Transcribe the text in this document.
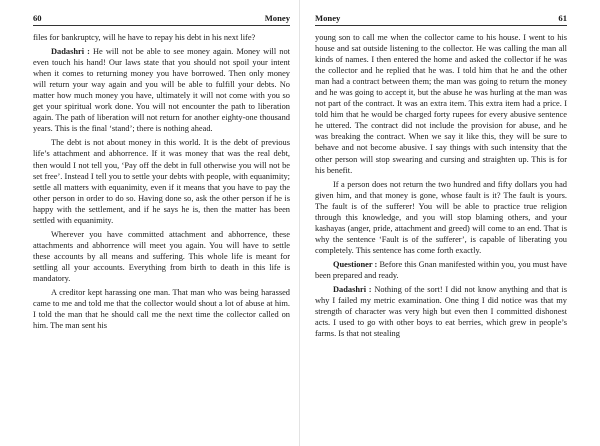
60	Money

files for bankruptcy, will he have to repay his debt in his next life?

Dadashri : He will not be able to see money again. Money will not even touch his hand! Our laws state that you should not spoil your intent when it comes to returning money you have borrowed. Then only money will return your way again and you will be able to fulfill your debts. No matter how much money you have, ultimately it will not come with you so get your spiritual work done. You will not encounter the path to liberation again. The path of liberation will not return for another eighty-one thousand years. This is the final ‘stand’; there is nothing ahead.

The debt is not about money in this world. It is the debt of previous life’s attachment and abhorrence. If it was money that was the real debt, then would I not tell you, ‘Pay off the debt in full otherwise you will not be set free’. Instead I tell you to settle your debts with people, with equanimity; settle all matters with equanimity, even if it means that you have to pay the other person in order to do so. Having done so, ask the other person if he is happy with the settlement, and if he says he is, then the matter has been settled with equanimity.

Wherever you have committed attachment and abhorrence, these attachments and abhorrence will meet you again. You will have to settle these accounts by all means and suffering. This whole life is meant for settling all your accounts. Everything from birth to death in this life is mandatory.

A creditor kept harassing one man. That man who was being harassed came to me and told me that the collector would shout a lot of abuse at him. I told the man that he should call me the next time the collector called on him. The man sent his

Money	61

young son to call me when the collector came to his house. I went to his house and sat outside listening to the collector. He was calling the man all kinds of names. I then entered the home and asked the collector if he was the collector and he replied that he was. I told him that he and the other man had a contract between them; the man was going to return the money and he was going to accept it, but the abuse he was hurling at the man was not part of the contract. It was an extra item. This extra item had a price. I told him that he would be charged forty rupees for every abusive sentence he uttered. The contract did not include the provision for abuse, and he was breaking the contract. When we say it like this, they will be sure to behave and not become abusive. I say things with such intensity that the other person will stop swearing and cursing and straighten up. This is for his benefit.

If a person does not return the two hundred and fifty dollars you had given him, and that money is gone, whose fault is it? The fault is yours. The fault is of the sufferer! You will be able to practice true religion through this knowledge, and you will stop blaming others, and your kashayas (anger, pride, attachment and greed) will come to an end. That is why the sentence ‘Fault is of the sufferer’, is capable of liberating you completely. This sentence has come forth exactly.

Questioner : Before this Gnan manifested within you, you must have been prepared and ready.

Dadashri : Nothing of the sort! I did not know anything and that is why I failed my metric examination. One thing I did notice was that my strength of character was very high but even then I committed dishonest acts. I used to go with other boys to eat berries, which grew in people’s farms. Is that not stealing
